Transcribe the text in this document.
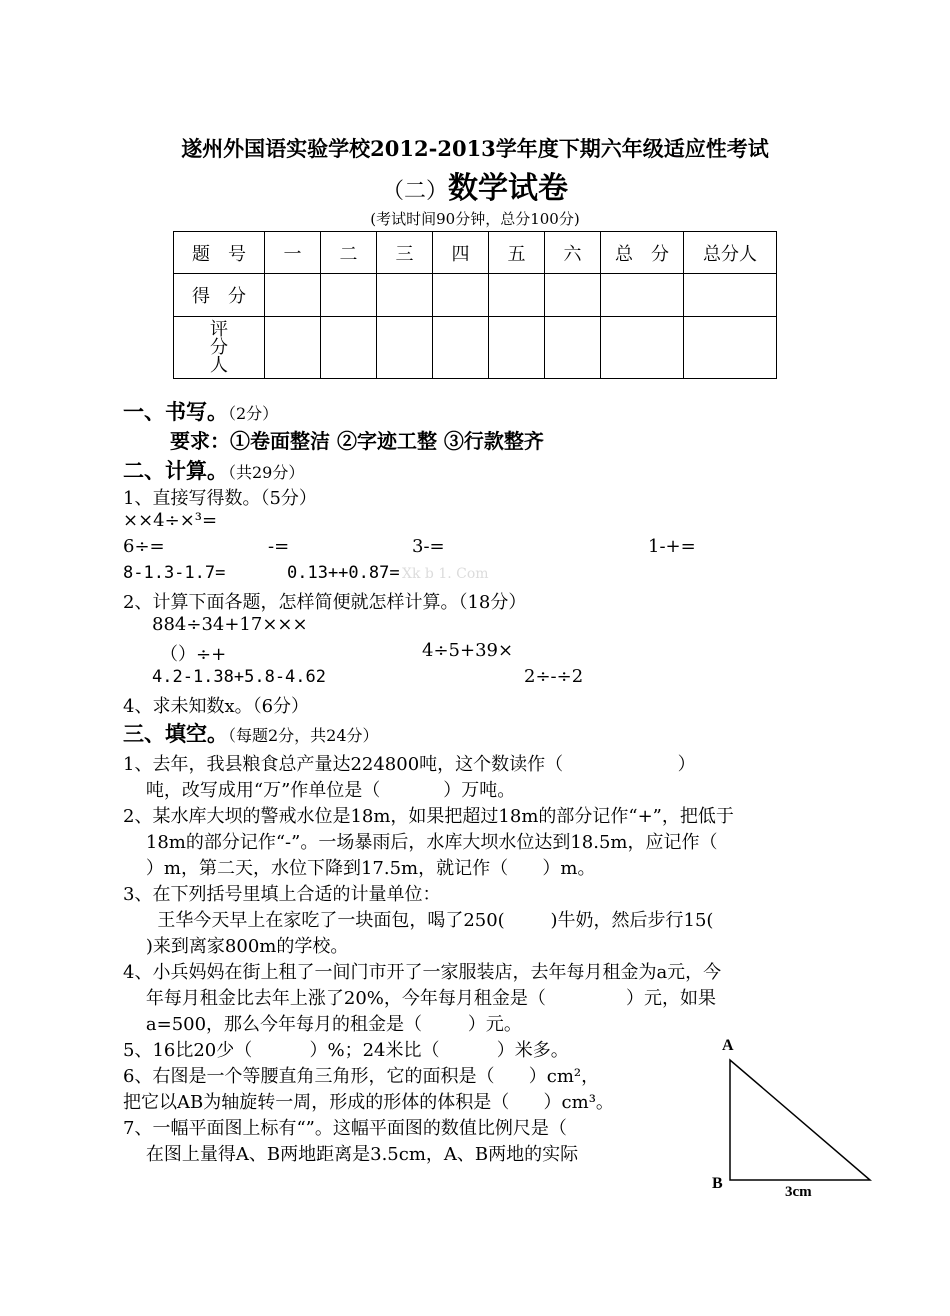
遂州外国语实验学校2012-2013学年度下期六年级适应性考试
（二）数学试卷
(考试时间90分钟，总分100分)
题　号	一	二	三	四	五	六	总　分	总分人
得　分								

评
分
人								

一、书写。（2分）
要求：①卷面整洁 ②字迹工整 ③行款整齐
二、计算。（共29分）
1、直接写得数。（5分）
××4÷×³=
6÷=	-=	3-=	1-+=
8-1.3-1.7=	0.13++0.87= Xk b 1. Com
2、计算下面各题，怎样简便就怎样计算。（18分）
884÷34+17×××
（）÷+	4÷5+39×
4.2-1.38+5.8-4.62	2÷-÷2
4、求未知数x。（6分）
三、填空。（每题2分，共24分）
1、去年，我县粮食总产量达224800吨，这个数读作（                    ）
吨，改写成用“万”作单位是（           ）万吨。
2、某水库大坝的警戒水位是18m，如果把超过18m的部分记作“+”，把低于
18m的部分记作“-”。一场暴雨后，水库大坝水位达到18.5m，应记作（
）m，第二天，水位下降到17.5m，就记作（      ）m。
3、在下列括号里填上合适的计量单位：
王华今天早上在家吃了一块面包，喝了250(        )牛奶，然后步行15(
)来到离家800m的学校。
4、小兵妈妈在街上租了一间门市开了一家服装店，去年每月租金为a元，今
年每月租金比去年上涨了20%，今年每月租金是（              ）元，如果
a=500，那么今年每月的租金是（        ）元。
5、16比20少（          ）%；24米比（          ）米多。
6、右图是一个等腰直角三角形，它的面积是（      ）cm²，
把它以AB为轴旋转一周，形成的形体的体积是（      ）cm³。
7、一幅平面图上标有“”。这幅平面图的数值比例尺是（
在图上量得A、B两地距离是3.5cm，A、B两地的实际
A
B	3cm
